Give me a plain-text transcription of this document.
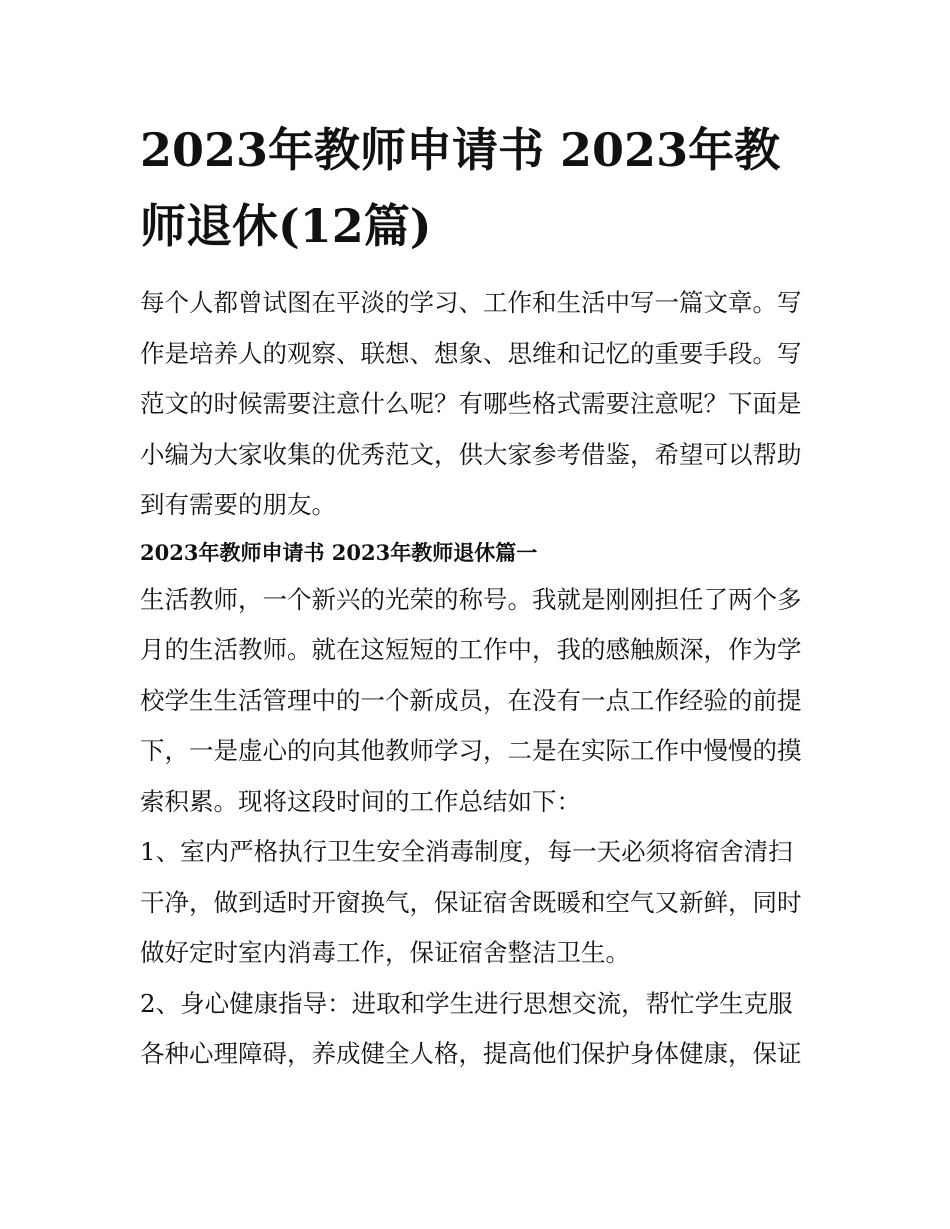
2023年教师申请书 2023年教
师退休(12篇)

每个人都曾试图在平淡的学习、工作和生活中写一篇文章。写
作是培养人的观察、联想、想象、思维和记忆的重要手段。写
范文的时候需要注意什么呢？有哪些格式需要注意呢？下面是
小编为大家收集的优秀范文，供大家参考借鉴，希望可以帮助
到有需要的朋友。

2023年教师申请书 2023年教师退休篇一

生活教师，一个新兴的光荣的称号。我就是刚刚担任了两个多
月的生活教师。就在这短短的工作中，我的感触颇深，作为学
校学生生活管理中的一个新成员，在没有一点工作经验的前提
下，一是虚心的向其他教师学习，二是在实际工作中慢慢的摸
索积累。现将这段时间的工作总结如下：

1、室内严格执行卫生安全消毒制度，每一天必须将宿舍清扫
干净，做到适时开窗换气，保证宿舍既暖和空气又新鲜，同时
做好定时室内消毒工作，保证宿舍整洁卫生。

2、身心健康指导：进取和学生进行思想交流，帮忙学生克服
各种心理障碍，养成健全人格，提高他们保护身体健康，保证
